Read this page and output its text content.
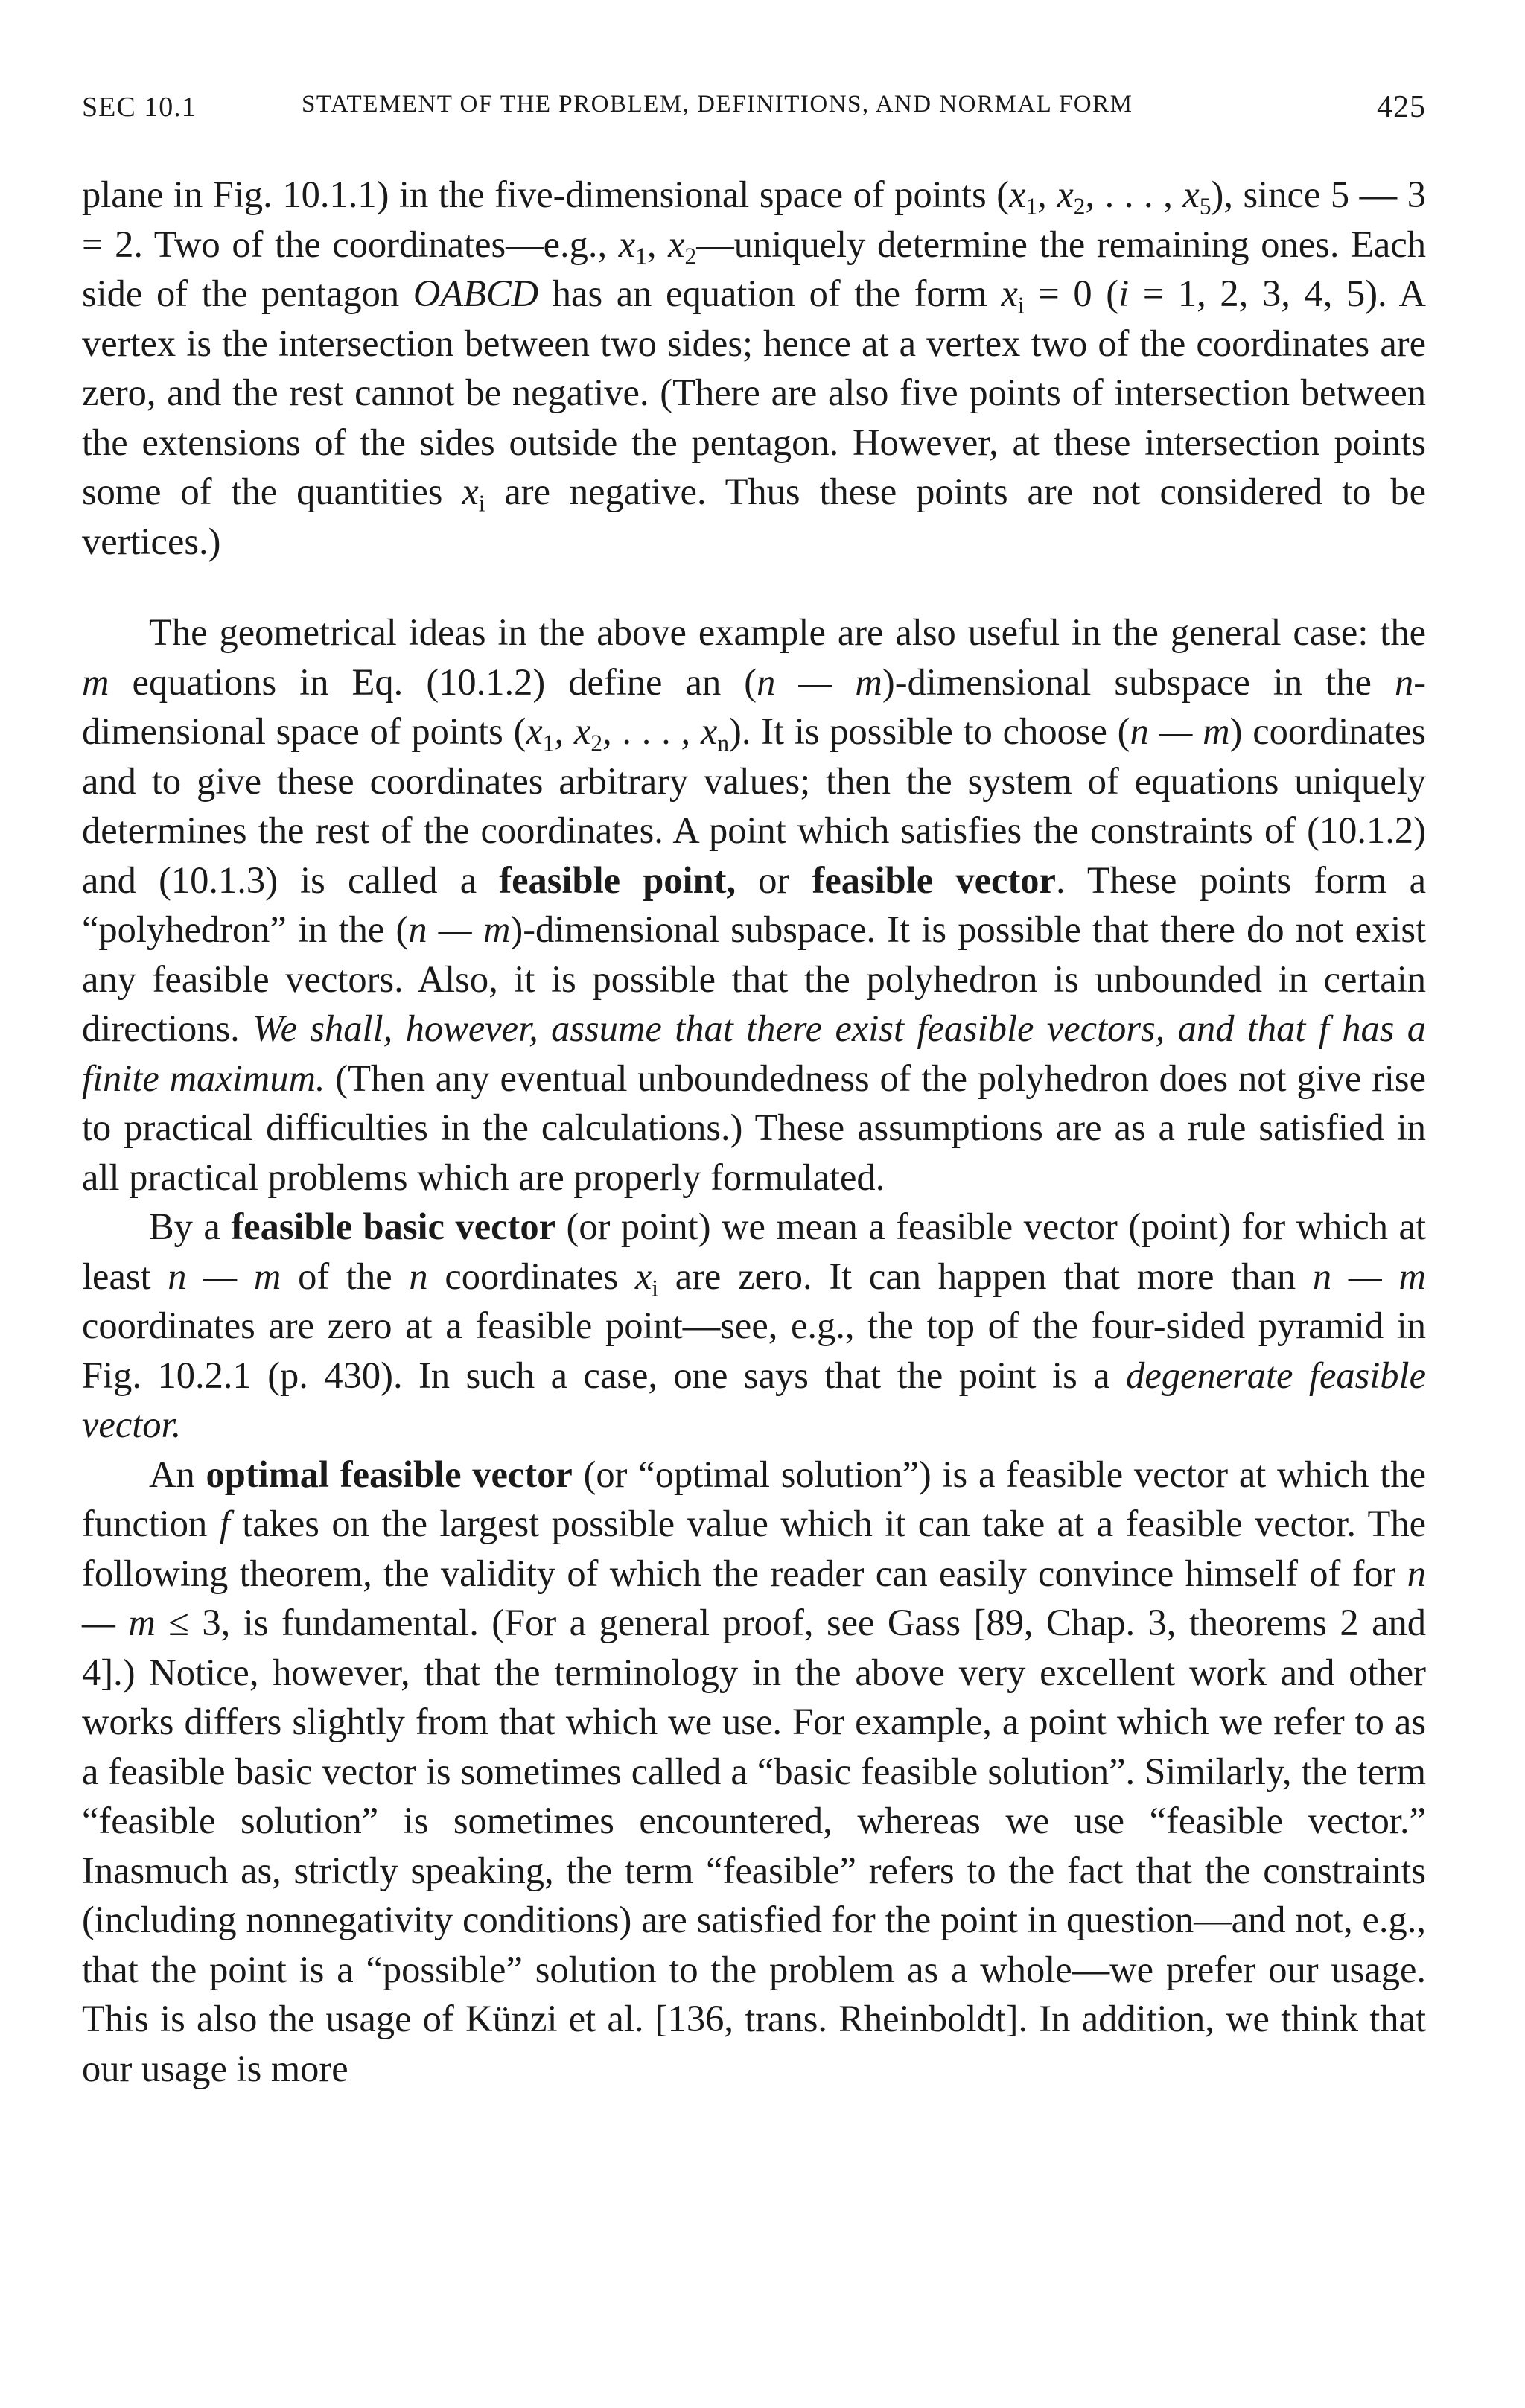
SEC 10.1	STATEMENT OF THE PROBLEM, DEFINITIONS, AND NORMAL FORM	425

plane in Fig. 10.1.1) in the five-dimensional space of points ($x_1$, $x_2$, . . . , $x_5$), since 5 — 3 = 2. Two of the coordinates—e.g., $x_1$, $x_2—uniquely$ determine the remaining ones. Each side of the pentagon OABCD has an equation of the form $x_i = 0$ (i = 1, 2, 3, 4, 5). A vertex is the intersection between two sides; hence at a vertex two of the coordinates are zero, and the rest cannot be negative. (There are also five points of intersection between the extensions of the sides outside the pentagon. However, at these intersection points some of the quantities $x_i$ are negative. Thus these points are not considered to be vertices.)

The geometrical ideas in the above example are also useful in the general case: the m equations in Eq. (10.1.2) define an (n — m)-dimensional subspace in the n-dimensional space of points ($x_1$, $x_2$, . . . , $x_n$). It is possible to choose (n — m) coordinates and to give these coordinates arbitrary values; then the system of equations uniquely determines the rest of the coordinates. A point which satisfies the constraints of (10.1.2) and (10.1.3) is called a feasible point, or feasible vector. These points form a “polyhedron” in the (n — m)-dimensional subspace. It is possible that there do not exist any feasible vectors. Also, it is possible that the polyhedron is unbounded in certain directions. We shall, however, assume that there exist feasible vectors, and that f has a finite maximum. (Then any eventual unboundedness of the polyhedron does not give rise to practical difficulties in the calculations.) These assumptions are as a rule satisfied in all practical problems which are properly formulated.

By a feasible basic vector (or point) we mean a feasible vector (point) for which at least n — m of the n coordinates $x_i$ are zero. It can happen that more than n — m coordinates are zero at a feasible point—see, e.g., the top of the four-sided pyramid in Fig. 10.2.1 (p. 430). In such a case, one says that the point is a degenerate feasible vector.

An optimal feasible vector (or “optimal solution”) is a feasible vector at which the function f takes on the largest possible value which it can take at a feasible vector. The following theorem, the validity of which the reader can easily convince himself of for n — m ≤ 3, is fundamental. (For a general proof, see Gass [89, Chap. 3, theorems 2 and 4].) Notice, however, that the terminology in the above very excellent work and other works differs slightly from that which we use. For example, a point which we refer to as a feasible basic vector is sometimes called a “basic feasible solution”. Similarly, the term “feasible solution” is sometimes encountered, whereas we use “feasible vector.” Inasmuch as, strictly speaking, the term “feasible” refers to the fact that the constraints (including nonnegativity conditions) are satisfied for the point in question—and not, e.g., that the point is a “possible” solution to the problem as a whole—we prefer our usage. This is also the usage of Künzi et al. [136, trans. Rheinboldt]. In addition, we think that our usage is more
